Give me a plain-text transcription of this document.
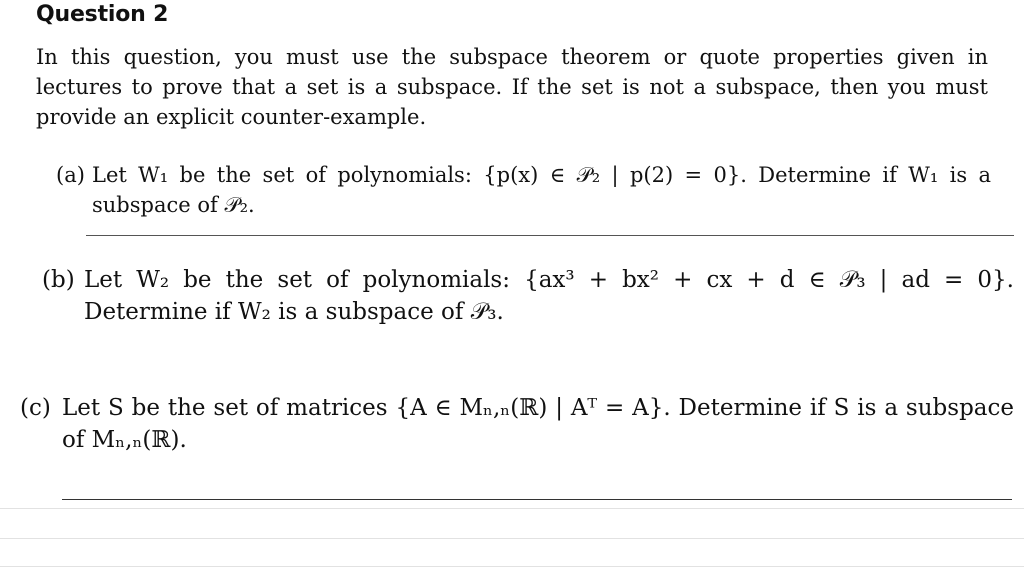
Question 2
In this question, you must use the subspace theorem or quote properties given in lectures to prove that a set is a subspace. If the set is not a subspace, then you must provide an explicit counter-example.
(a) Let W₁ be the set of polynomials: {p(x) ∈ 𝒫₂ | p(2) = 0}. Determine if W₁ is a subspace of 𝒫₂.
(b) Let W₂ be the set of polynomials: {ax³ + bx² + cx + d ∈ 𝒫₃ | ad = 0}. Determine if W₂ is a subspace of 𝒫₃.
(c) Let S be the set of matrices {A ∈ Mₙ,ₙ(ℝ) | Aᵀ = A}. Determine if S is a subspace of Mₙ,ₙ(ℝ).
